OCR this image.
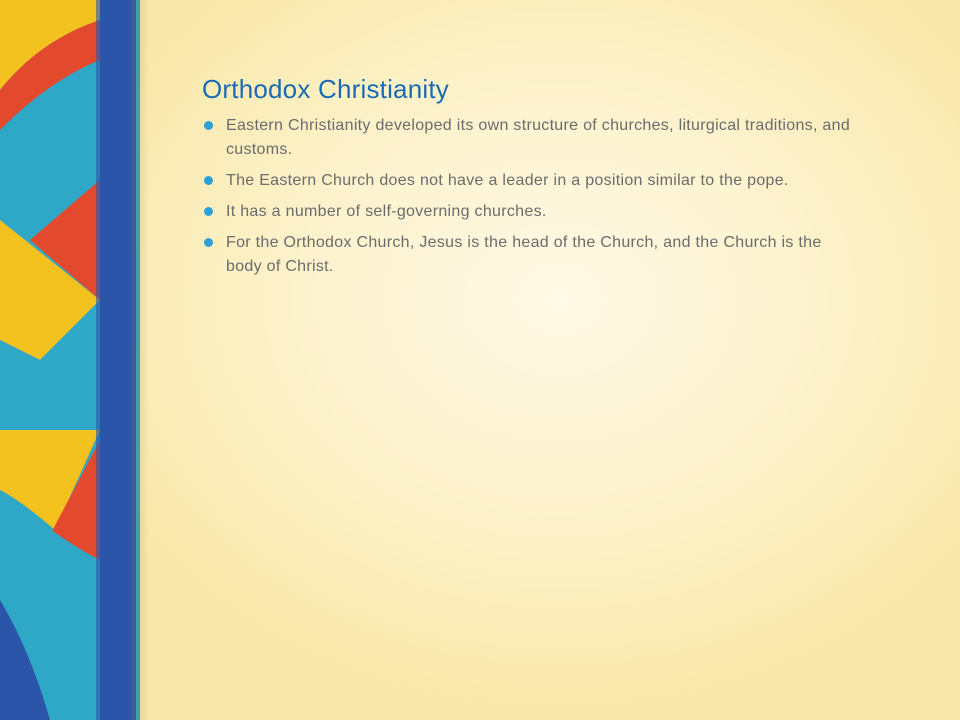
Orthodox Christianity
Eastern Christianity developed its own structure of churches, liturgical traditions, and customs.
The Eastern Church does not have a leader in a position similar to the pope.
It has a number of self-governing churches.
For the Orthodox Church, Jesus is the head of the Church, and the Church is the body of Christ.
